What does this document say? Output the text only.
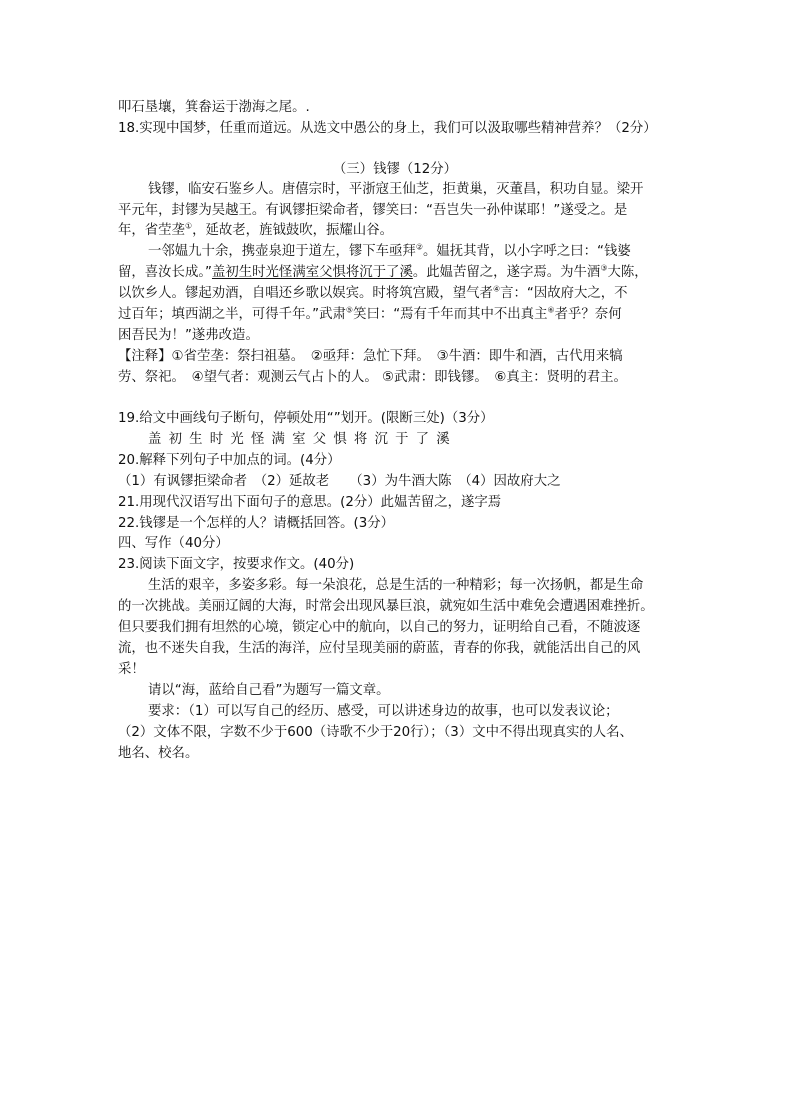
叩石垦壤，箕畚运于渤海之尾。.
18.实现中国梦，任重而道远。从选文中愚公的身上，我们可以汲取哪些精神营养？（2分）
（三）钱镠（12分）
钱镠，临安石鉴乡人。唐僖宗时，平浙寇王仙芝，拒黄巢，灭董昌，积功自显。梁开
平元年，封镠为吴越王。有讽镠拒梁命者，镠笑曰：“吾岂失一孙仲谋耶！”遂受之。是
年，省茔垄①，延故老，旌钺鼓吹，振耀山谷。
一邻媪九十余，携壶泉迎于道左，镠下车亟拜②。媪抚其背，以小字呼之曰：“钱婆
留，喜汝长成。”盖初生时光怪满室父惧将沉于了溪。此媪苦留之，遂字焉。为牛酒③大陈，
以饮乡人。镠起劝酒，自唱还乡歌以娱宾。时将筑宫殿，望气者④言：“因故府大之，不
过百年；填西湖之半，可得千年。”武肃⑤笑曰：“焉有千年而其中不出真主⑥者乎？奈何
困吾民为！”遂弗改造。
【注释】①省茔垄：祭扫祖墓。　②亟拜：急忙下拜。　③牛酒：即牛和酒，古代用来犒
劳、祭祀。　④望气者：观测云气占卜的人。 ⑤武肃：即钱镠。　⑥真主：贤明的君主。
19.给文中画线句子断句，停顿处用“”划开。(限断三处)（3分）
盖初生时光怪满室父惧将沉于了溪
20.解释下列句子中加点的词。(4分）
（1）有讽镠拒梁命者　（2）延故老　　（3）为牛酒大陈　（4）因故府大之
21.用现代汉语写出下面句子的意思。(2分）此媪苦留之，遂字焉
22.钱镠是一个怎样的人？请概括回答。(3分）
四、写作（40分）
23.阅读下面文字，按要求作文。(40分)
生活的艰辛，多姿多彩。每一朵浪花，总是生活的一种精彩；每一次扬帆，都是生命
的一次挑战。美丽辽阔的大海，时常会出现风暴巨浪，就宛如生活中难免会遭遇困难挫折。
但只要我们拥有坦然的心境，锁定心中的航向，以自己的努力，证明给自己看，不随波逐
流，也不迷失自我，生活的海洋，应付呈现美丽的蔚蓝，青春的你我，就能活出自己的风
采！
请以“海，蓝给自己看”为题写一篇文章。
要求：（1）可以写自己的经历、感受，可以讲述身边的故事，也可以发表议论；
（2）文体不限，字数不少于600（诗歌不少于20行）；（3）文中不得出现真实的人名、
地名、校名。
